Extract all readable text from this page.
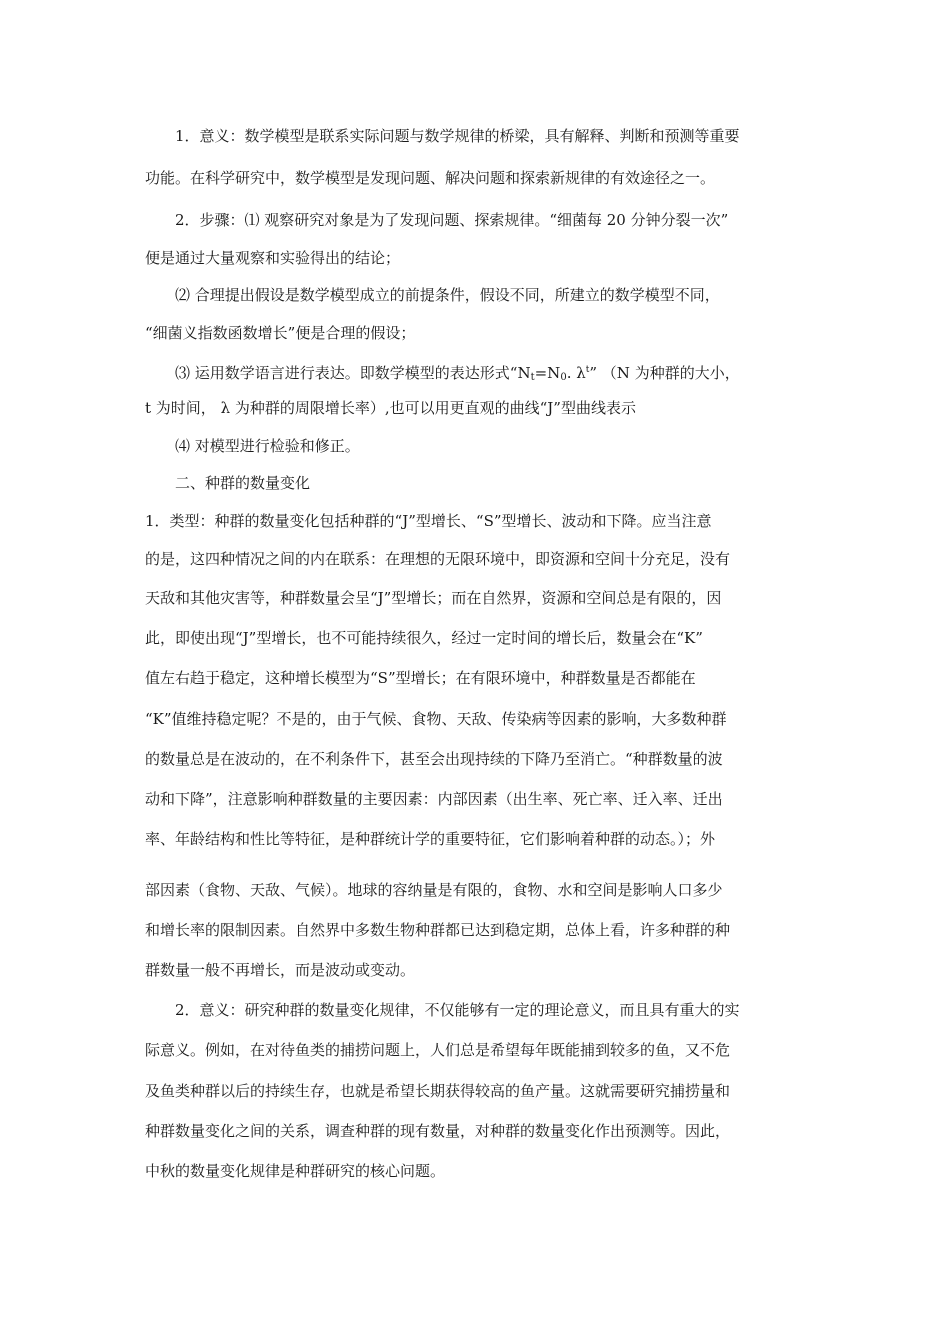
1．意义：数学模型是联系实际问题与数学规律的桥梁，具有解释、判断和预测等重要
功能。在科学研究中，数学模型是发现问题、解决问题和探索新规律的有效途径之一。
2．步骤：⑴ 观察研究对象是为了发现问题、探索规律。“细菌每 20 分钟分裂一次”
便是通过大量观察和实验得出的结论；
⑵ 合理提出假设是数学模型成立的前提条件，假设不同，所建立的数学模型不同，
“细菌义指数函数增长”便是合理的假设；
⑶ 运用数学语言进行表达。即数学模型的表达形式“$N_t=N_0$. $\lambda^t$” （N 为种群的大小，
t 为时间， λ 为种群的周限增长率）,也可以用更直观的曲线“J”型曲线表示
⑷ 对模型进行检验和修正。
二、种群的数量变化
1．类型：种群的数量变化包括种群的“J”型增长、“S”型增长、波动和下降。应当注意
的是，这四种情况之间的内在联系：在理想的无限环境中，即资源和空间十分充足，没有
天敌和其他灾害等，种群数量会呈“J”型增长；而在自然界，资源和空间总是有限的，因
此，即使出现“J”型增长，也不可能持续很久，经过一定时间的增长后，数量会在“K”
值左右趋于稳定，这种增长模型为“S”型增长；在有限环境中，种群数量是否都能在
“K”值维持稳定呢？不是的，由于气候、食物、天敌、传染病等因素的影响，大多数种群
的数量总是在波动的，在不利条件下，甚至会出现持续的下降乃至消亡。“种群数量的波
动和下降”，注意影响种群数量的主要因素：内部因素（出生率、死亡率、迁入率、迁出
率、年龄结构和性比等特征，是种群统计学的重要特征，它们影响着种群的动态。）；外
部因素（食物、天敌、气候）。地球的容纳量是有限的，食物、水和空间是影响人口多少
和增长率的限制因素。自然界中多数生物种群都已达到稳定期，总体上看，许多种群的种
群数量一般不再增长，而是波动或变动。
2．意义：研究种群的数量变化规律，不仅能够有一定的理论意义，而且具有重大的实
际意义。例如，在对待鱼类的捕捞问题上，人们总是希望每年既能捕到较多的鱼，又不危
及鱼类种群以后的持续生存，也就是希望长期获得较高的鱼产量。这就需要研究捕捞量和
种群数量变化之间的关系，调查种群的现有数量，对种群的数量变化作出预测等。因此，
中秋的数量变化规律是种群研究的核心问题。
